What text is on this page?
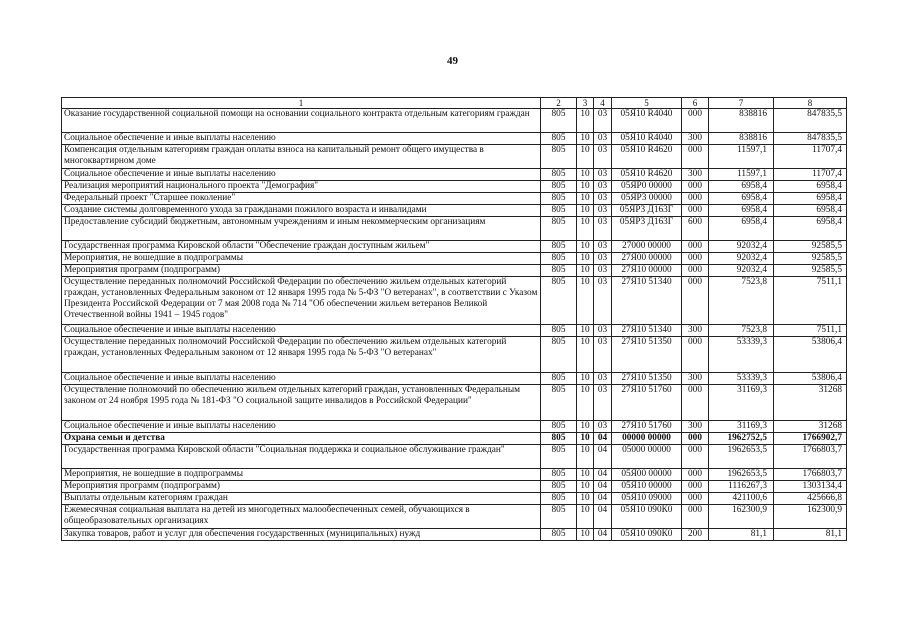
49
1	2	3	4	5	6	7	8
Оказание государственной социальной помощи на основании социального контракта отдельным категориям граждан	805	10	03	05Я10 R4040	000	838816	847835,5
Социальное обеспечение и иные выплаты населению	805	10	03	05Я10 R4040	300	838816	847835,5
Компенсация отдельным категориям граждан оплаты взноса на капитальный ремонт общего имущества в многоквартирном доме	805	10	03	05Я10 R4620	000	11597,1	11707,4
Социальное обеспечение и иные выплаты населению	805	10	03	05Я10 R4620	300	11597,1	11707,4
Реализация мероприятий национального проекта "Демография"	805	10	03	05ЯР0 00000	000	6958,4	6958,4
Федеральный проект "Старшее поколение"	805	10	03	05ЯР3 00000	000	6958,4	6958,4
Создание системы долговременного ухода за гражданами пожилого возраста и инвалидами	805	10	03	05ЯР3 Д163Г	000	6958,4	6958,4
Предоставление субсидий бюджетным, автономным учреждениям и иным некоммерческим организациям	805	10	03	05ЯР3 Д163Г	600	6958,4	6958,4
Государственная программа Кировской области "Обеспечение граждан доступным жильем"	805	10	03	27000 00000	000	92032,4	92585,5
Мероприятия, не вошедшие в подпрограммы	805	10	03	27Я00 00000	000	92032,4	92585,5
Мероприятия программ (подпрограмм)	805	10	03	27Я10 00000	000	92032,4	92585,5
Осуществление переданных полномочий Российской Федерации по обеспечению жильем отдельных категорий граждан, установленных Федеральным законом от 12 января 1995 года № 5-ФЗ "О ветеранах", в соответствии с Указом Президента Российской Федерации от 7 мая 2008 года № 714 "Об обеспечении жильем ветеранов Великой Отечественной войны 1941 – 1945 годов"	805	10	03	27Я10 51340	000	7523,8	7511,1
Социальное обеспечение и иные выплаты населению	805	10	03	27Я10 51340	300	7523,8	7511,1
Осуществление переданных полномочий Российской Федерации по обеспечению жильем отдельных категорий граждан, установленных Федеральным законом от 12 января 1995 года № 5-ФЗ "О ветеранах"	805	10	03	27Я10 51350	000	53339,3	53806,4
Социальное обеспечение и иные выплаты населению	805	10	03	27Я10 51350	300	53339,3	53806,4
Осуществление полномочий по обеспечению жильем отдельных категорий граждан, установленных Федеральным законом от 24 ноября 1995 года № 181-ФЗ "О социальной защите инвалидов в Российской Федерации"	805	10	03	27Я10 51760	000	31169,3	31268
Социальное обеспечение и иные выплаты населению	805	10	03	27Я10 51760	300	31169,3	31268
Охрана семьи и детства	805	10	04	00000 00000	000	1962752,5	1766902,7
Государственная программа Кировской области "Социальная поддержка и социальное обслуживание граждан"	805	10	04	05000 00000	000	1962653,5	1766803,7
Мероприятия, не вошедшие в подпрограммы	805	10	04	05Я00 00000	000	1962653,5	1766803,7
Мероприятия программ (подпрограмм)	805	10	04	05Я10 00000	000	1116267,3	1303134,4
Выплаты отдельным категориям граждан	805	10	04	05Я10 09000	000	421100,6	425666,8
Ежемесячная социальная выплата на детей из многодетных малообеспеченных семей, обучающихся в общеобразовательных организациях	805	10	04	05Я10 090К0	000	162300,9	162300,9
Закупка товаров, работ и услуг для обеспечения государственных (муниципальных) нужд	805	10	04	05Я10 090К0	200	81,1	81,1
